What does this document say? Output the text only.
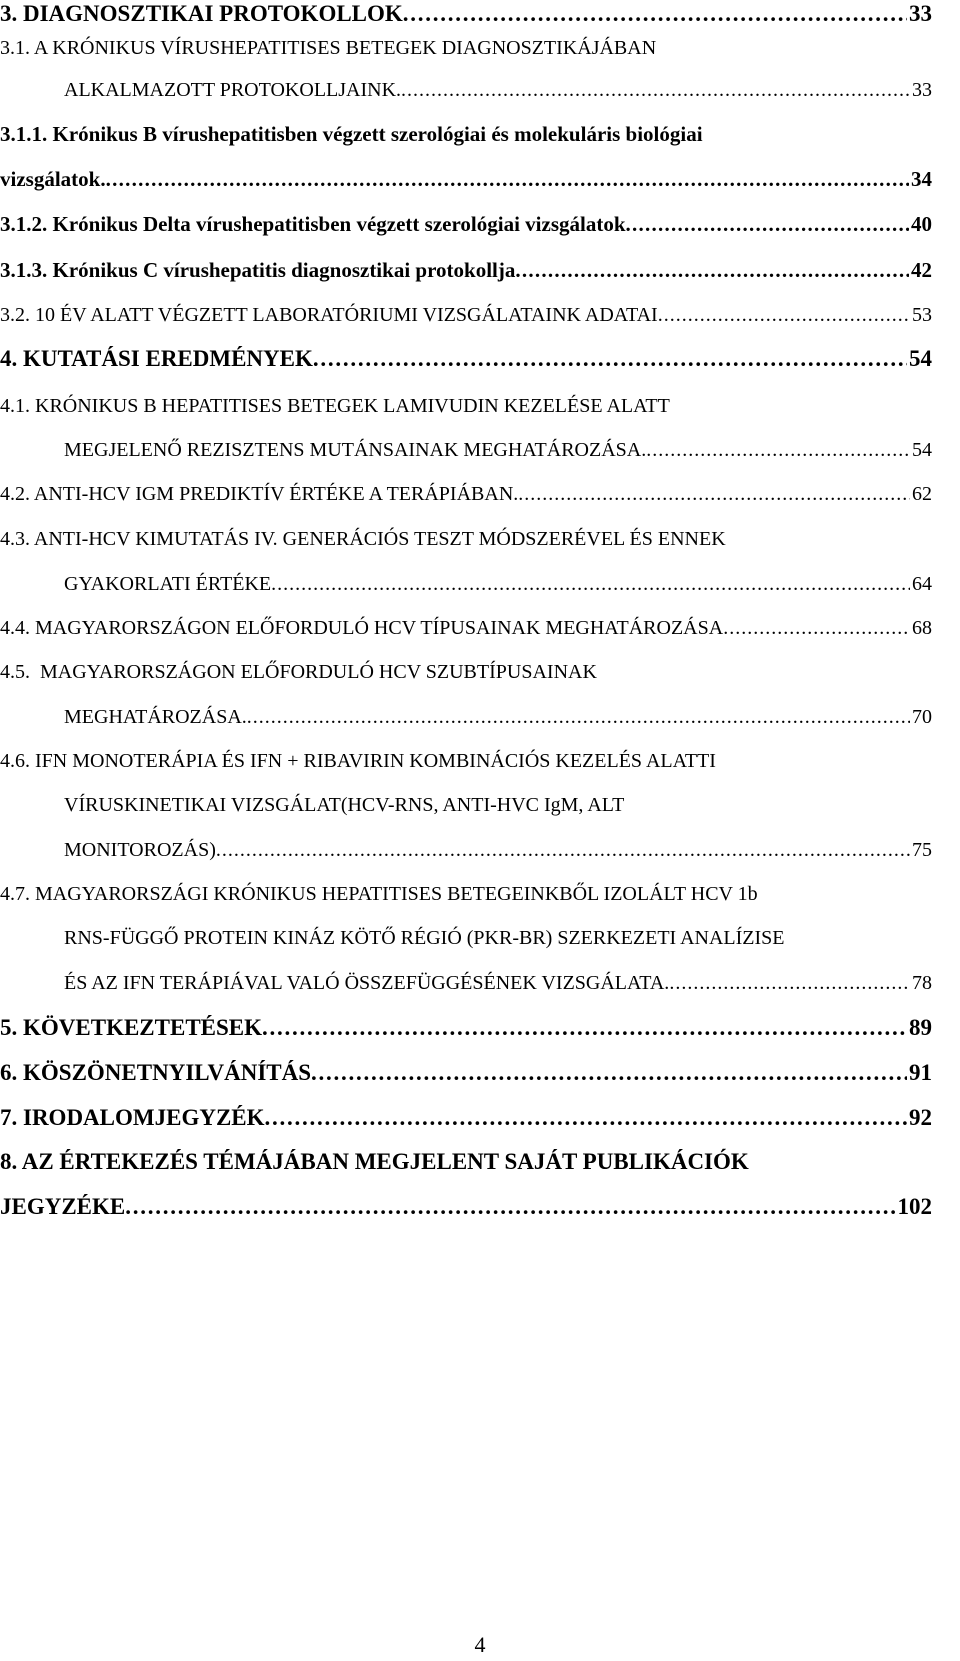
3. DIAGNOSZTIKAI PROTOKOLLOK . . .	33
3.1. A KRÓNIKUS VÍRUSHEPATITISES BETEGEK DIAGNOSZTIKÁJÁBAN
ALKALMAZOTT PROTOKOLLJAINK. . . .	33
3.1.1. Krónikus B vírushepatitisben végzett szerológiai és molekuláris biológiai
vizsgálatok. . . .	34
3.1.2. Krónikus Delta vírushepatitisben végzett szerológiai vizsgálatok . . .	40
3.1.3. Krónikus C vírushepatitis diagnosztikai protokollja . . .	42
3.2. 10 ÉV ALATT VÉGZETT LABORATÓRIUMI VIZSGÁLATAINK ADATAI . . .	53
4. KUTATÁSI EREDMÉNYEK . . .	54
4.1. KRÓNIKUS B HEPATITISES BETEGEK LAMIVUDIN KEZELÉSE ALATT
MEGJELENŐ REZISZTENS MUTÁNSAINAK MEGHATÁROZÁSA. . . .	54
4.2. ANTI-HCV IGM PREDIKTÍV ÉRTÉKE A TERÁPIÁBAN. . . .	62
4.3. ANTI-HCV KIMUTATÁS IV. GENERÁCIÓS TESZT MÓDSZERÉVEL ÉS ENNEK
GYAKORLATI ÉRTÉKE . . .	64
4.4. MAGYARORSZÁGON ELŐFORDULÓ HCV TÍPUSAINAK MEGHATÁROZÁSA . . .	68
4.5. MAGYARORSZÁGON ELŐFORDULÓ HCV SZUBTÍPUSAINAK
MEGHATÁROZÁSA. . . .	70
4.6. IFN MONOTERÁPIA ÉS IFN + RIBAVIRIN KOMBINÁCIÓS KEZELÉS ALATTI
VÍRUSKINETIKAI VIZSGÁLAT(HCV-RNS, ANTI-HVC IgM, ALT
MONITOROZÁS) . . .	75
4.7. MAGYARORSZÁGI KRÓNIKUS HEPATITISES BETEGEINKBŐL IZOLÁLT HCV 1b
RNS-FÜGGŐ PROTEIN KINÁZ KÖTŐ RÉGIÓ (PKR-BR) SZERKEZETI ANALÍZISE
ÉS AZ IFN TERÁPIÁVAL VALÓ ÖSSZEFÜGGÉSÉNEK VIZSGÁLATA. . . .	78
5. KÖVETKEZTETÉSEK . . .	89
6. KÖSZÖNETNYILVÁNÍTÁS . . .	91
7. IRODALOMJEGYZÉK . . .	92
8. AZ ÉRTEKEZÉS TÉMÁJÁBAN MEGJELENT SAJÁT PUBLIKÁCIÓK
JEGYZÉKE . . .	102
4
